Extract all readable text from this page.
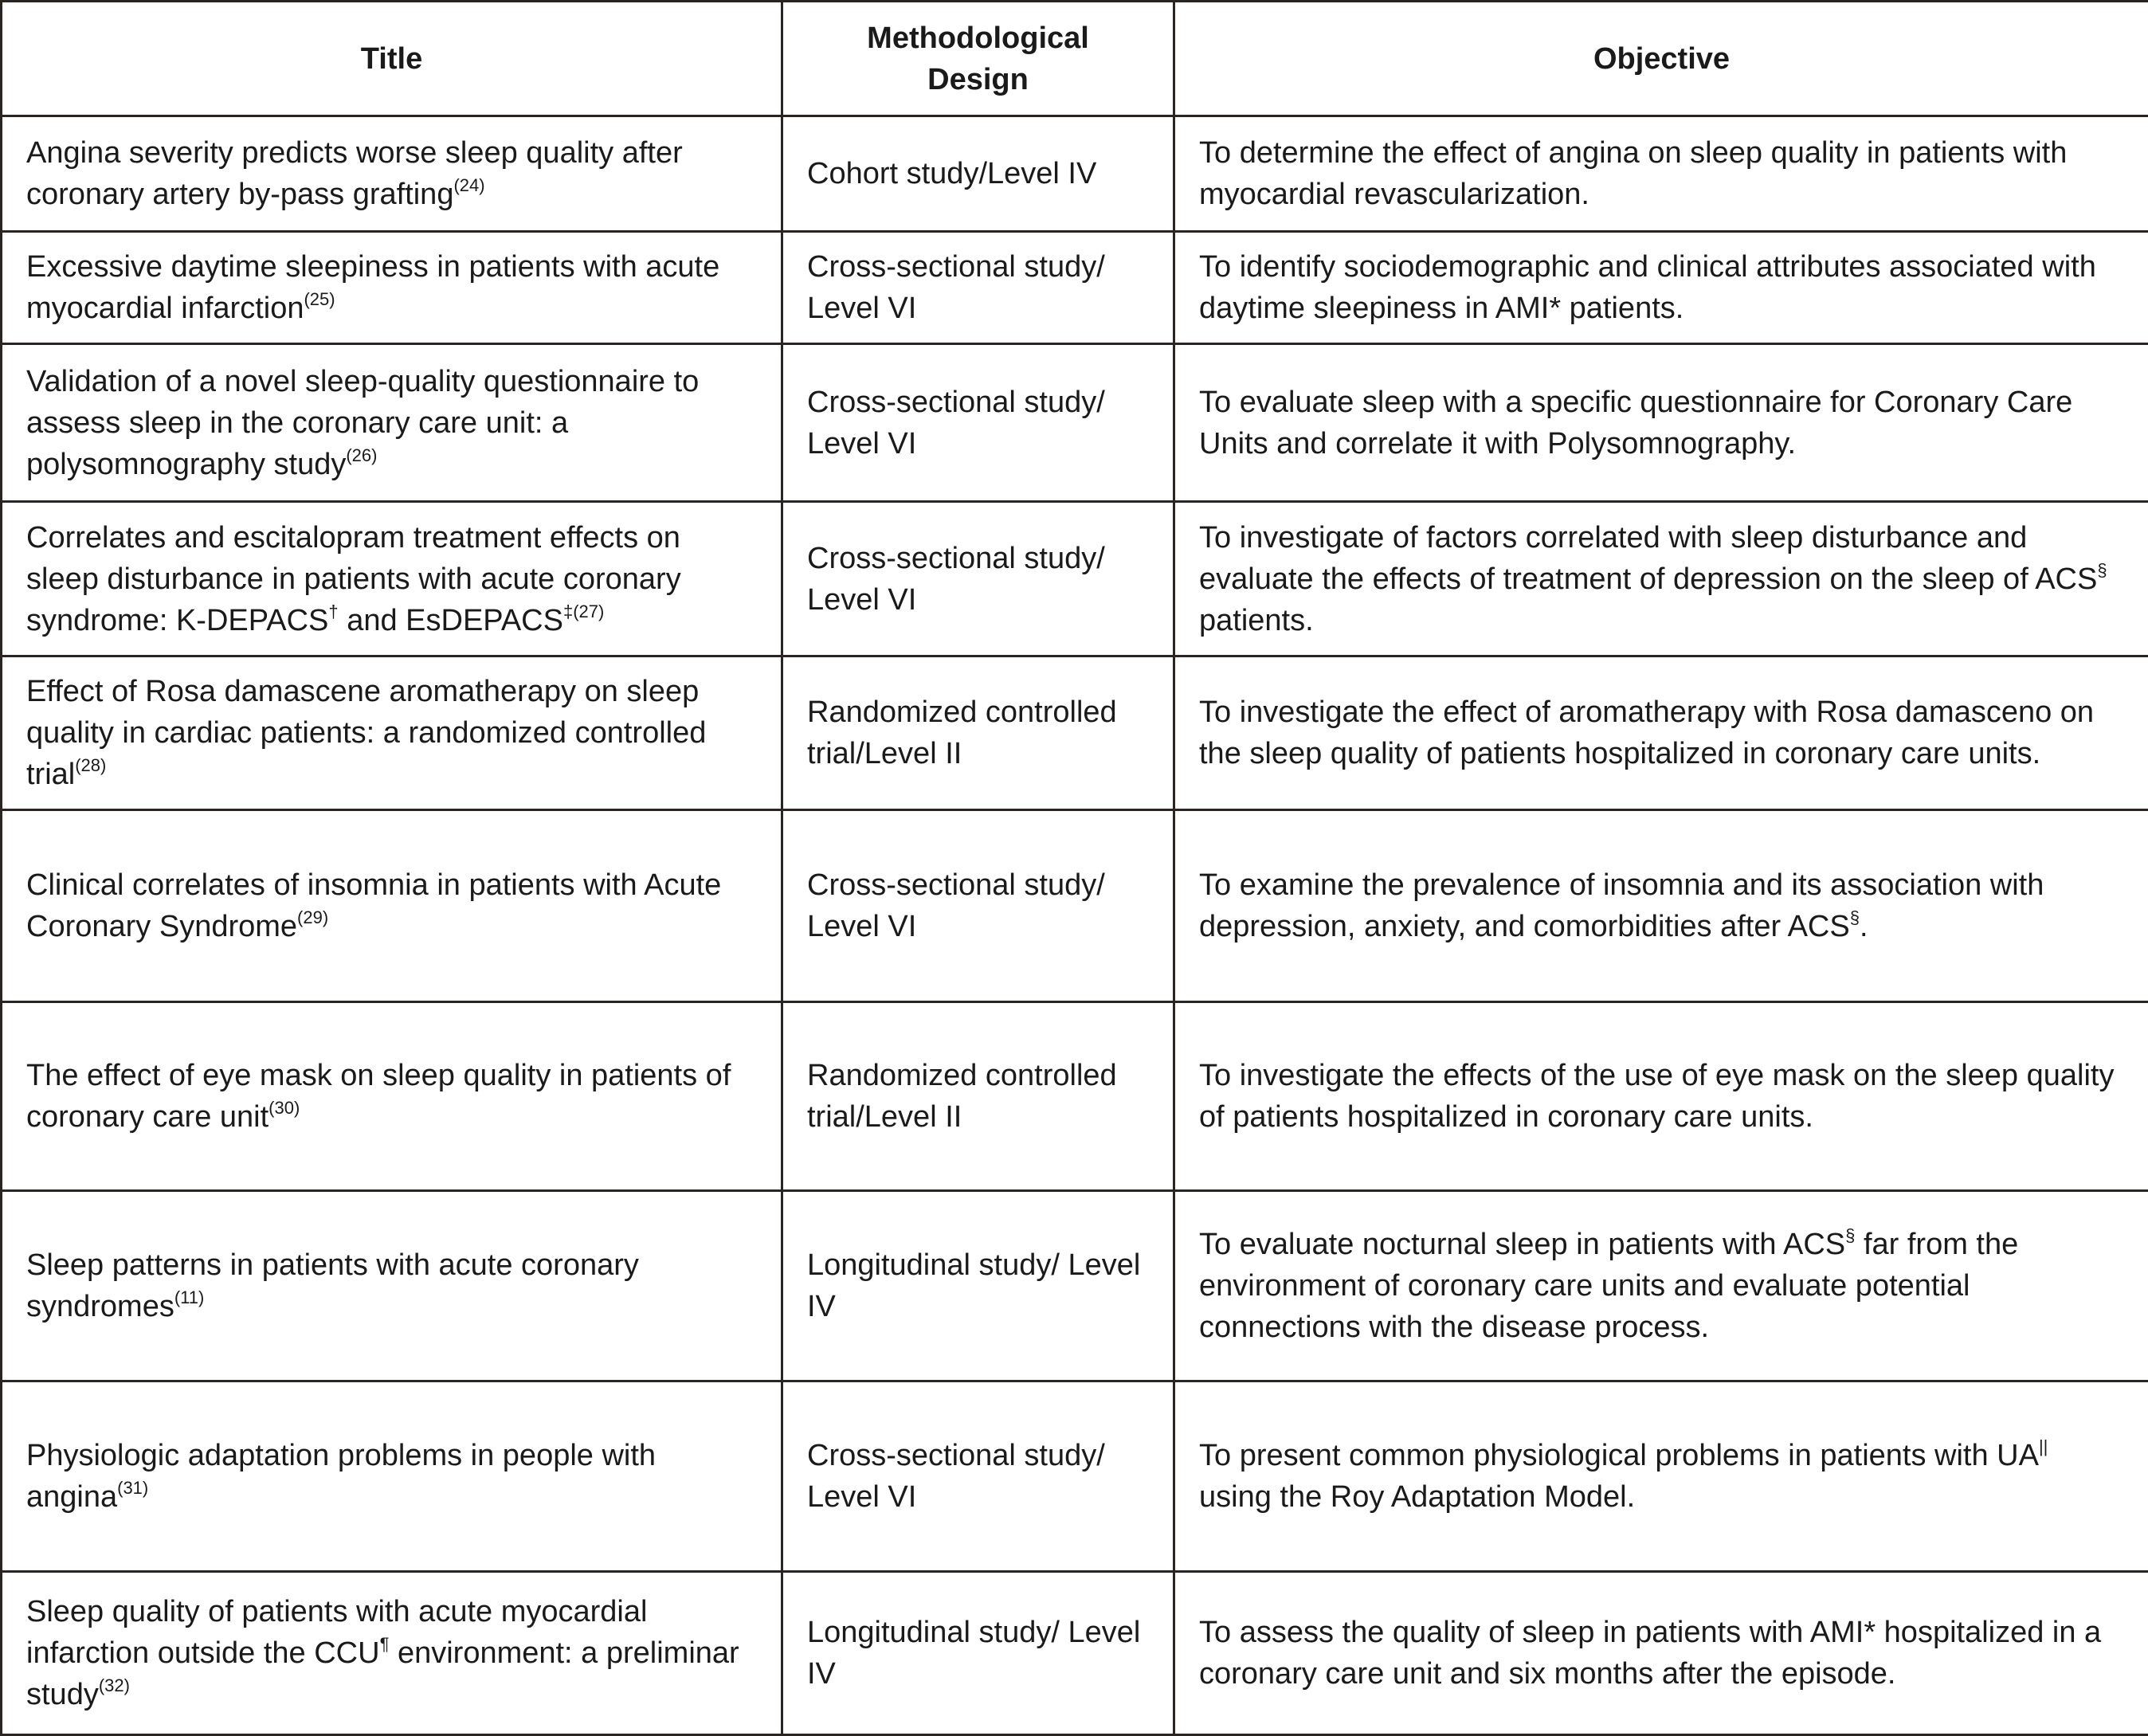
Title	Methodological Design	Objective
Angina severity predicts worse sleep quality after coronary artery by-pass grafting$^{(24)}$	Cohort study/Level IV	To determine the effect of angina on sleep quality in patients with myocardial revascularization.
Excessive daytime sleepiness in patients with acute myocardial infarction$^{(25)}$	Cross-sectional study/ Level VI	To identify sociodemographic and clinical attributes associated with daytime sleepiness in AMI* patients.
Validation of a novel sleep-quality questionnaire to assess sleep in the coronary care unit: a polysomnography study$^{(26)}$	Cross-sectional study/ Level VI	To evaluate sleep with a specific questionnaire for Coronary Care Units and correlate it with Polysomnography.
Correlates and escitalopram treatment effects on sleep disturbance in patients with acute coronary syndrome: K-DEPACS† and EsDEPACS$^{\ddagger(27)}$	Cross-sectional study/ Level VI	To investigate of factors correlated with sleep disturbance and evaluate the effects of treatment of depression on the sleep of ACS§ patients.
Effect of Rosa damascene aromatherapy on sleep quality in cardiac patients: a randomized controlled trial$^{(28)}$	Randomized controlled trial/Level II	To investigate the effect of aromatherapy with Rosa damasceno on the sleep quality of patients hospitalized in coronary care units.
Clinical correlates of insomnia in patients with Acute Coronary Syndrome$^{(29)}$	Cross-sectional study/ Level VI	To examine the prevalence of insomnia and its association with depression, anxiety, and comorbidities after ACS§.
The effect of eye mask on sleep quality in patients of coronary care unit$^{(30)}$	Randomized controlled trial/Level II	To investigate the effects of the use of eye mask on the sleep quality of patients hospitalized in coronary care units.
Sleep patterns in patients with acute coronary syndromes$^{(11)}$	Longitudinal study/ Level IV	To evaluate nocturnal sleep in patients with ACS§ far from the environment of coronary care units and evaluate potential connections with the disease process.
Physiologic adaptation problems in people with angina$^{(31)}$	Cross-sectional study/ Level VI	To present common physiological problems in patients with UA|| using the Roy Adaptation Model.
Sleep quality of patients with acute myocardial infarction outside the CCU¶ environment: a preliminar study$^{(32)}$	Longitudinal study/ Level IV	To assess the quality of sleep in patients with AMI* hospitalized in a coronary care unit and six months after the episode.
